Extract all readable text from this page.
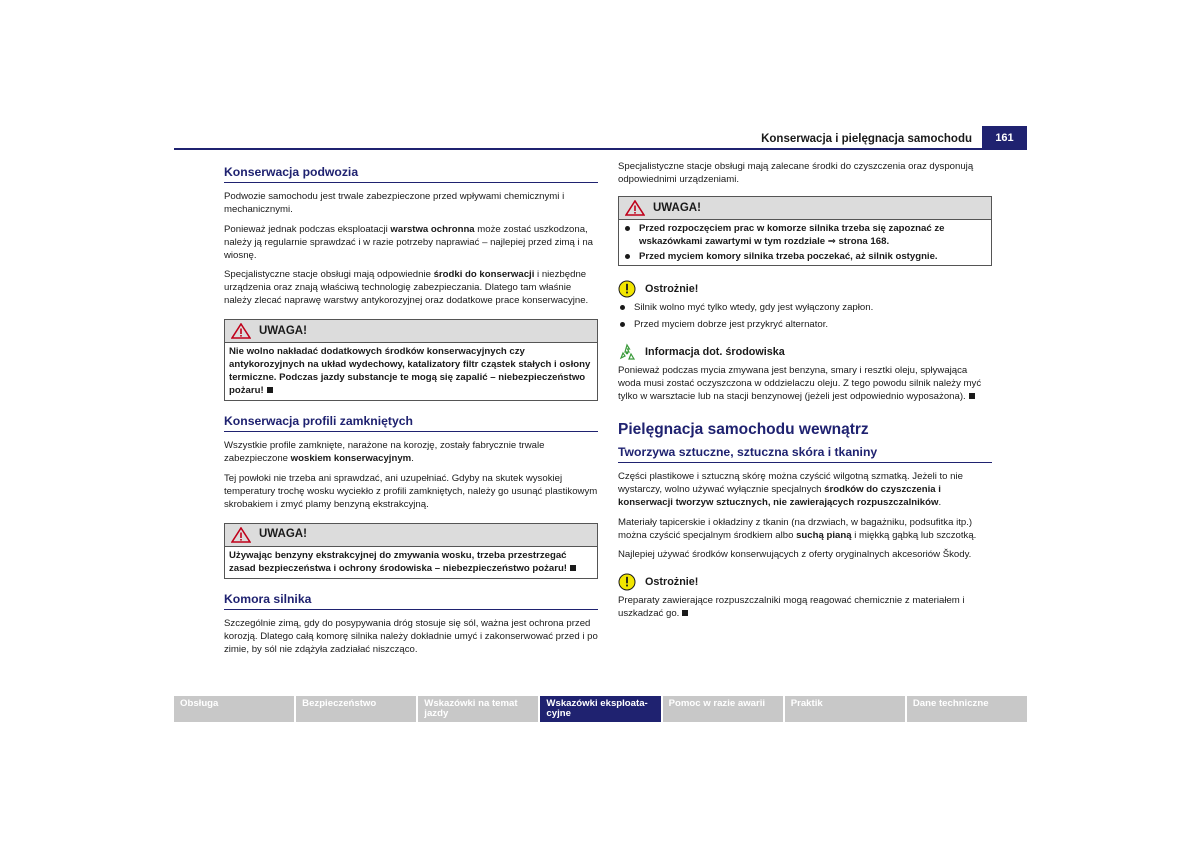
Konserwacja i pielęgnacja samochodu	161
Konserwacja podwozia

Podwozie samochodu jest trwale zabezpieczone przed wpływami chemicznymi i mechanicznymi.

Ponieważ jednak podczas eksploatacji warstwa ochronna może zostać uszkodzona, należy ją regularnie sprawdzać i w razie potrzeby naprawiać – najlepiej przed zimą i na wiosnę.

Specjalistyczne stacje obsługi mają odpowiednie środki do konserwacji i niezbędne urządzenia oraz znają właściwą technologię zabezpieczania. Dlatego tam właśnie należy zlecać naprawę warstwy antykorozyjnej oraz dodatkowe prace konserwacyjne.

UWAGA!

Nie wolno nakładać dodatkowych środków konserwacyjnych czy antykorozyjnych na układ wydechowy, katalizatory filtr cząstek stałych i osłony termiczne. Podczas jazdy substancje te mogą się zapalić – niebezpieczeństwo pożaru!

Konserwacja profili zamkniętych

Wszystkie profile zamknięte, narażone na korozję, zostały fabrycznie trwale zabezpieczone woskiem konserwacyjnym.

Tej powłoki nie trzeba ani sprawdzać, ani uzupełniać. Gdyby na skutek wysokiej temperatury trochę wosku wyciekło z profili zamkniętych, należy go usunąć plastikowym skrobakiem i zmyć plamy benzyną ekstrakcyjną.

UWAGA!

Używając benzyny ekstrakcyjnej do zmywania wosku, trzeba przestrzegać zasad bezpieczeństwa i ochrony środowiska – niebezpieczeństwo pożaru!

Komora silnika

Szczególnie zimą, gdy do posypywania dróg stosuje się sól, ważna jest ochrona przed korozją. Dlatego całą komorę silnika należy dokładnie umyć i zakonserwować przed i po zimie, by sól nie zdążyła zadziałać niszcząco.

Specjalistyczne stacje obsługi mają zalecane środki do czyszczenia oraz dysponują odpowiednimi urządzeniami.

UWAGA!
Przed rozpoczęciem prac w komorze silnika trzeba się zapoznać ze wskazówkami zawartymi w tym rozdziale ⇒ strona 168.
Przed myciem komory silnika trzeba poczekać, aż silnik ostygnie.
Ostrożnie!
Silnik wolno myć tylko wtedy, gdy jest wyłączony zapłon.
Przed myciem dobrze jest przykryć alternator.
Informacja dot. środowiska

Ponieważ podczas mycia zmywana jest benzyna, smary i resztki oleju, spływająca woda musi zostać oczyszczona w oddzielaczu oleju. Z tego powodu silnik należy myć tylko w warsztacie lub na stacji benzynowej (jeżeli jest odpowiednio wyposażona).

Pielęgnacja samochodu wewnątrz
Tworzywa sztuczne, sztuczna skóra i tkaniny

Części plastikowe i sztuczną skórę można czyścić wilgotną szmatką. Jeżeli to nie wystarczy, wolno używać wyłącznie specjalnych środków do czyszczenia i konserwacji tworzyw sztucznych, nie zawierających rozpuszczalników.

Materiały tapicerskie i okładziny z tkanin (na drzwiach, w bagażniku, podsufitka itp.) można czyścić specjalnym środkiem albo suchą pianą i miękką gąbką lub szczotką.

Najlepiej używać środków konserwujących z oferty oryginalnych akcesoriów Škody.

Ostrożnie!

Preparaty zawierające rozpuszczalniki mogą reagować chemicznie z materiałem i uszkadzać go.

Obsługa	Bezpieczeństwo	Wskazówki na temat jazdy
Wskazówki eksploata-cyjne
Pomoc w razie awarii	Praktik	Dane techniczne
